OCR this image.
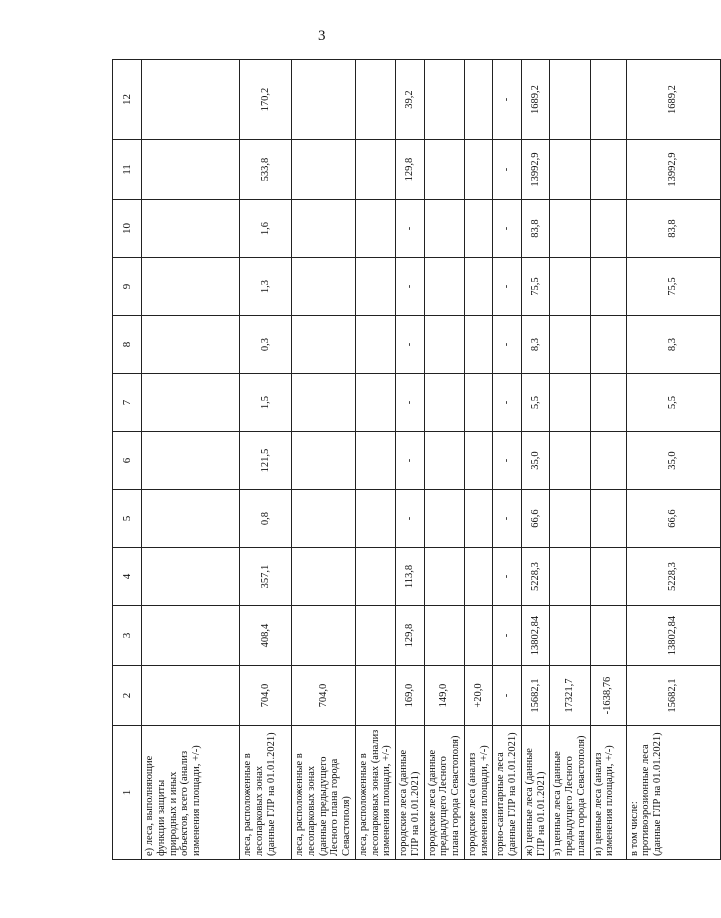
3
1	2	3	4	5	6	7	8	9	10	11	12
е) леса, выполняющие функции защиты природных и иных объектов, всего (анализ изменения площади, +/-)											
леса, расположенные в лесопарковых зонах (данные ГЛР на 01.01.2021)	704,0	408,4	357,1	0,8	121,5	1,5	0,3	1,3	1,6	533,8	170,2
леса, расположенные в лесопарковых зонах (данные предыдущего Лесного плана города Севастополя)	704,0										
леса, расположенные в лесопарковых зонах (анализ изменения площади, +/-)											
городские леса (данные ГЛР на 01.01.2021)	169,0	129,8	113,8	-	-	-	-	-	-	129,8	39,2
городские леса (данные предыдущего Лесного плана города Севастополя)	149,0										
городские леса (анализ изменения площади, +/-)	+20,0										
горно-санитарные леса (данные ГЛР на 01.01.2021)	-	-	-	-	-	-	-	-	-	-	-
ж) ценные леса (данные ГЛР на 01.01.2021)	15682,1	13802,84	5228,3	66,6	35,0	5,5	8,3	75,5	83,8	13992,9	1689,2
з) ценные леса (данные предыдущего Лесного плана города Севастополя)	17321,7										
и) ценные леса (анализ изменения площади, +/-)	-1638,76										
в том числе: противоэрозионные леса (данные ГЛР на 01.01.2021)	15682,1	13802,84	5228,3	66,6	35,0	5,5	8,3	75,5	83,8	13992,9	1689,2
